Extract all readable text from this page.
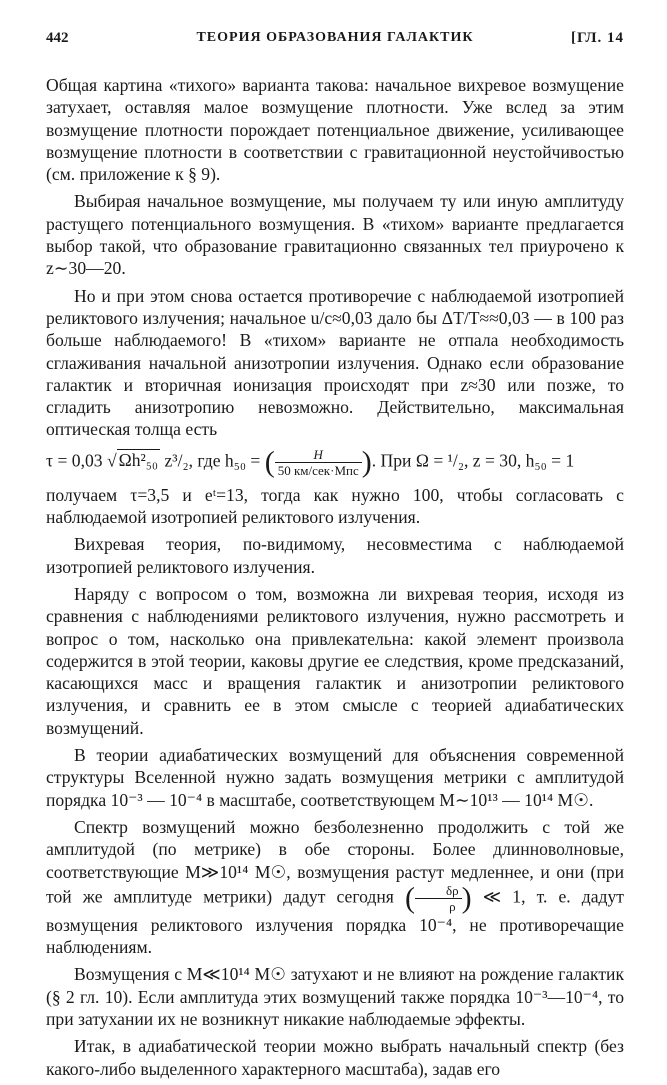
442	ТЕОРИЯ ОБРАЗОВАНИЯ ГАЛАКТИК	[ГЛ. 14

Общая картина «тихого» варианта такова: начальное вихревое возмущение затухает, оставляя малое возмущение плотности. Уже вслед за этим возмущение плотности порождает потенциальное движение, усиливающее возмущение плотности в соответствии с гравитационной неустойчивостью (см. приложение к § 9).

Выбирая начальное возмущение, мы получаем ту или иную амплитуду растущего потенциального возмущения. В «тихом» варианте предлагается выбор такой, что образование гравитационно связанных тел приурочено к z∼30—20.

Но и при этом снова остается противоречие с наблюдаемой изотропией реликтового излучения; начальное u/c≈0,03 дало бы ΔT/T≈≈0,03 — в 100 раз больше наблюдаемого! В «тихом» варианте не отпала необходимость сглаживания начальной анизотропии излучения. Однако если образование галактик и вторичная ионизация происходят при z≈30 или позже, то сгладить анизотропию невозможно. Действительно, максимальная оптическая толща есть

τ = 0,03 √ Ωh²₅₀ z³/₂, где h₅₀ = ( $\frac{H}{\text{50 км/сек·Мпс}}$ ). При Ω = ¹/₂, z = 30, h₅₀ = 1

получаем τ=3,5 и eᵗ=13, тогда как нужно 100, чтобы согласовать с наблюдаемой изотропией реликтового излучения.

Вихревая теория, по-видимому, несовместима с наблюдаемой изотропией реликтового излучения.

Наряду с вопросом о том, возможна ли вихревая теория, исходя из сравнения с наблюдениями реликтового излучения, нужно рассмотреть и вопрос о том, насколько она привлекательна: какой элемент произвола содержится в этой теории, каковы другие ее следствия, кроме предсказаний, касающихся масс и вращения галактик и анизотропии реликтового излучения, и сравнить ее в этом смысле с теорией адиабатических возмущений.

В теории адиабатических возмущений для объяснения современной структуры Вселенной нужно задать возмущения метрики с амплитудой порядка 10⁻³ — 10⁻⁴ в масштабе, соответствующем M∼10¹³ — 10¹⁴ M☉.

Спектр возмущений можно безболезненно продолжить с той же амплитудой (по метрике) в обе стороны. Более длинноволновые, соответствующие M≫10¹⁴ M☉, возмущения растут медленнее, и они (при той же амплитуде метрики) дадут сегодня ( $\frac{\delta\rho}{\rho}$ ) ≪ 1, т. е. дадут возмущения реликтового излучения порядка 10⁻⁴, не противоречащие наблюдениям.

Возмущения с M≪10¹⁴ M☉ затухают и не влияют на рождение галактик (§ 2 гл. 10). Если амплитуда этих возмущений также порядка 10⁻³—10⁻⁴, то при затухании их не возникнут никакие наблюдаемые эффекты.

Итак, в адиабатической теории можно выбрать начальный спектр (без какого-либо выделенного характерного масштаба), задав его
